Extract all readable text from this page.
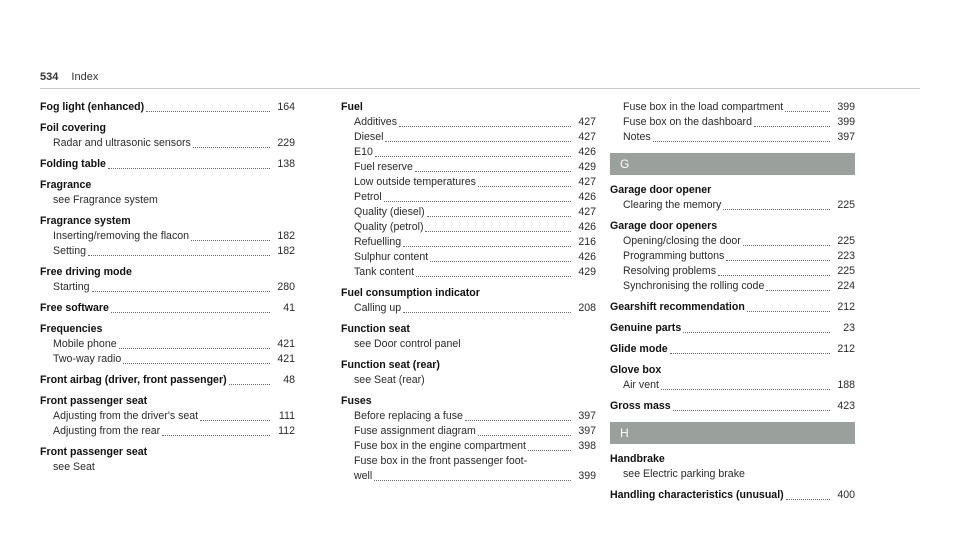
534 Index
Fog light (enhanced)	164
Foil covering
Radar and ultrasonic sensors	229
Folding table	138
Fragrance
see Fragrance system
Fragrance system
Inserting/removing the flacon	182
Setting	182
Free driving mode
Starting	280
Free software	41
Frequencies
Mobile phone	421
Two-way radio	421
Front airbag (driver, front passenger)	48
Front passenger seat
Adjusting from the driver's seat	111
Adjusting from the rear	112
Front passenger seat
see Seat
Fuel
Additives	427
Diesel	427
E10	426
Fuel reserve	429
Low outside temperatures	427
Petrol	426
Quality (diesel)	427
Quality (petrol)	426
Refuelling	216
Sulphur content	426
Tank content	429
Fuel consumption indicator
Calling up	208
Function seat
see Door control panel
Function seat (rear)
see Seat (rear)
Fuses
Before replacing a fuse	397
Fuse assignment diagram	397
Fuse box in the engine compartment	398
Fuse box in the front passenger foot-
well	399
Fuse box in the load compartment	399
Fuse box on the dashboard	399
Notes	397
G
Garage door opener
Clearing the memory	225
Garage door openers
Opening/closing the door	225
Programming buttons	223
Resolving problems	225
Synchronising the rolling code	224
Gearshift recommendation	212
Genuine parts	23
Glide mode	212
Glove box
Air vent	188
Gross mass	423
H
Handbrake
see Electric parking brake
Handling characteristics (unusual)	400
